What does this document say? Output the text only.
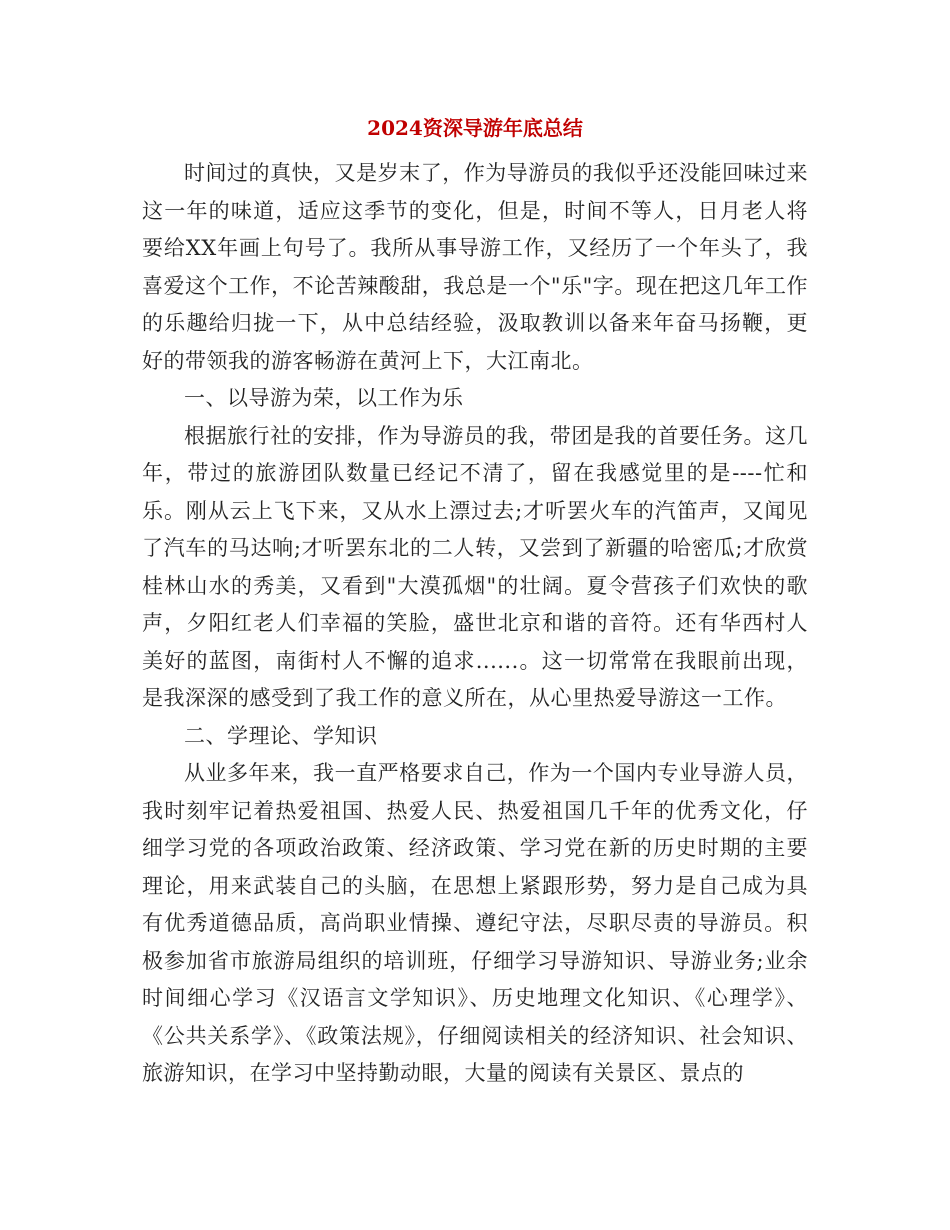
2024资深导游年底总结

时间过的真快，又是岁末了，作为导游员的我似乎还没能回味过来这一年的味道，适应这季节的变化，但是，时间不等人，日月老人将要给XX年画上句号了。我所从事导游工作，又经历了一个年头了，我喜爱这个工作，不论苦辣酸甜，我总是一个"乐"字。现在把这几年工作的乐趣给归拢一下，从中总结经验，汲取教训以备来年奋马扬鞭，更好的带领我的游客畅游在黄河上下，大江南北。

一、以导游为荣，以工作为乐

根据旅行社的安排，作为导游员的我，带团是我的首要任务。这几年，带过的旅游团队数量已经记不清了，留在我感觉里的是----忙和乐。刚从云上飞下来，又从水上漂过去;才听罢火车的汽笛声，又闻见了汽车的马达响;才听罢东北的二人转，又尝到了新疆的哈密瓜;才欣赏桂林山水的秀美，又看到"大漠孤烟"的壮阔。夏令营孩子们欢快的歌声，夕阳红老人们幸福的笑脸，盛世北京和谐的音符。还有华西村人美好的蓝图，南街村人不懈的追求......。这一切常常在我眼前出现，是我深深的感受到了我工作的意义所在，从心里热爱导游这一工作。

二、学理论、学知识

从业多年来，我一直严格要求自己，作为一个国内专业导游人员，我时刻牢记着热爱祖国、热爱人民、热爱祖国几千年的优秀文化，仔细学习党的各项政治政策、经济政策、学习党在新的历史时期的主要理论，用来武装自己的头脑，在思想上紧跟形势，努力是自己成为具有优秀道德品质，高尚职业情操、遵纪守法，尽职尽责的导游员。积极参加省市旅游局组织的培训班，仔细学习导游知识、导游业务;业余时间细心学习《汉语言文学知识》、历史地理文化知识、《心理学》、《公共关系学》、《政策法规》，仔细阅读相关的经济知识、社会知识、旅游知识，在学习中坚持勤动眼，大量的阅读有关景区、景点的
